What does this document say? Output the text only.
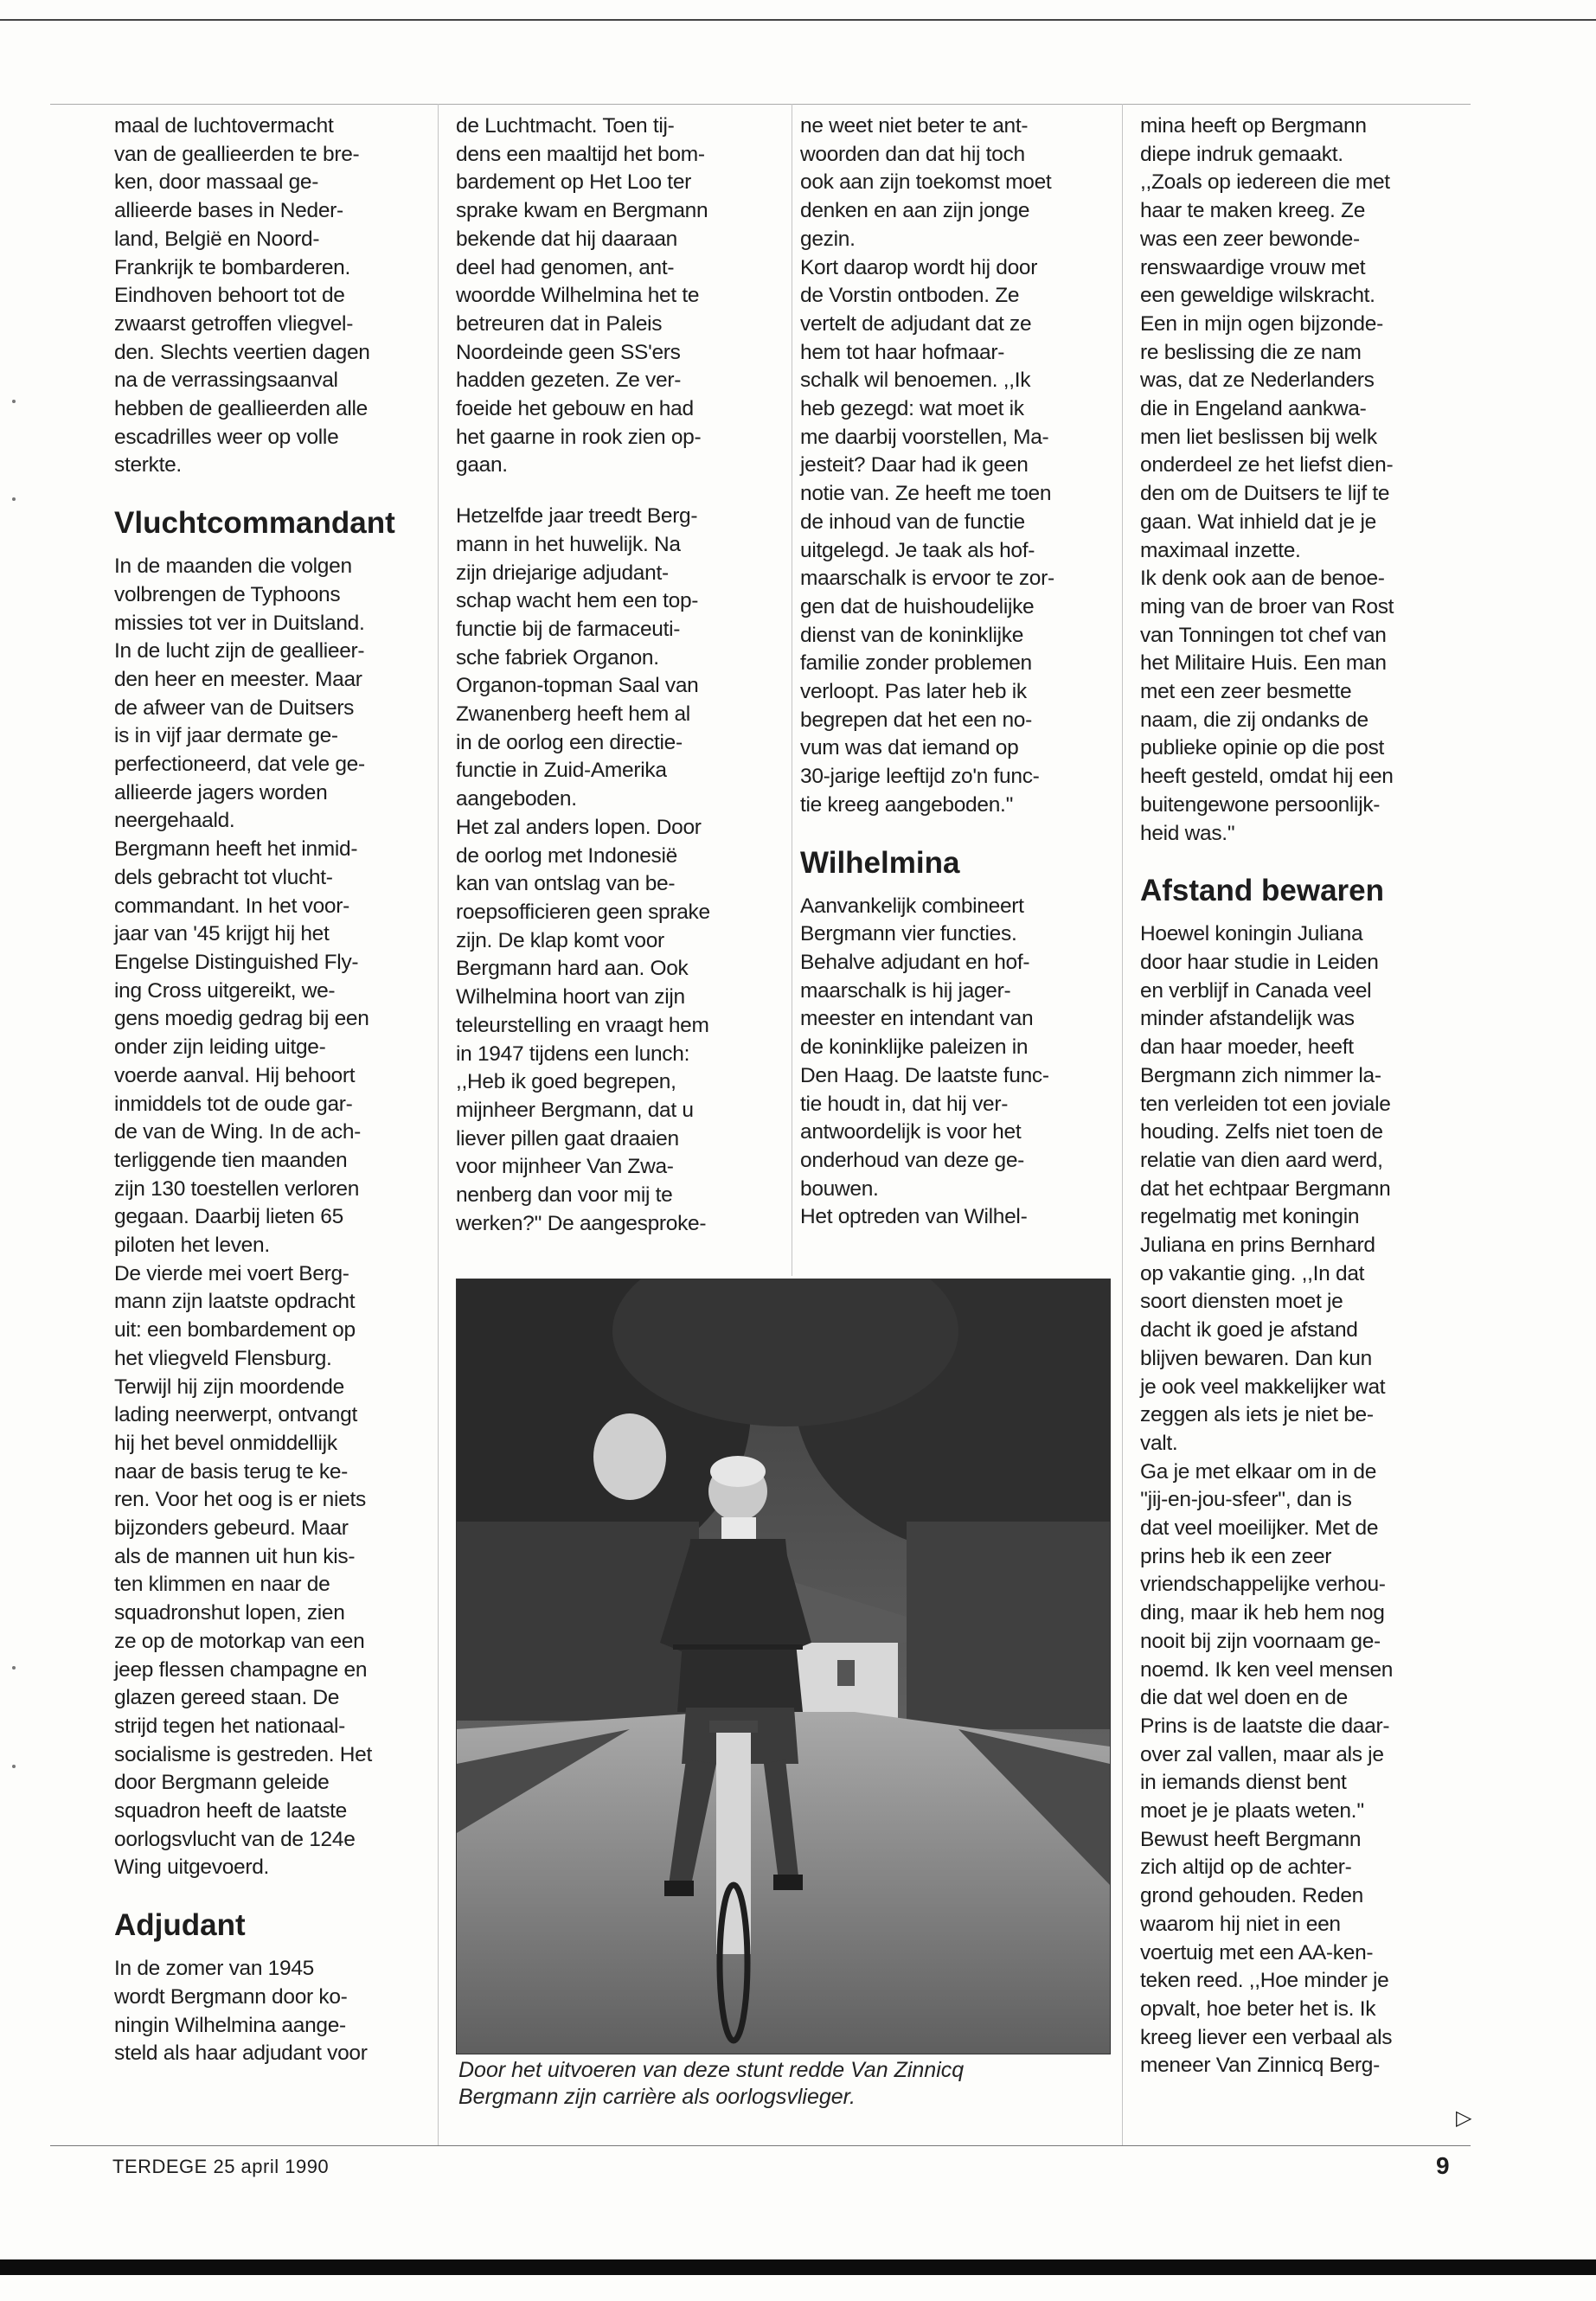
maal de luchtovermacht
van de geallieerden te bre-
ken, door massaal ge-
allieerde bases in Neder-
land, België en Noord-
Frankrijk te bombarderen.
Eindhoven behoort tot de
zwaarst getroffen vliegvel-
den. Slechts veertien dagen
na de verrassingsaanval
hebben de geallieerden alle
escadrilles weer op volle
sterkte.

Vluchtcommandant

In de maanden die volgen
volbrengen de Typhoons
missies tot ver in Duitsland.
In de lucht zijn de geallieer-
den heer en meester. Maar
de afweer van de Duitsers
is in vijf jaar dermate ge-
perfectioneerd, dat vele ge-
allieerde jagers worden
neergehaald.

Bergmann heeft het inmid-
dels gebracht tot vlucht-
commandant. In het voor-
jaar van '45 krijgt hij het
Engelse Distinguished Fly-
ing Cross uitgereikt, we-
gens moedig gedrag bij een
onder zijn leiding uitge-
voerde aanval. Hij behoort
inmiddels tot de oude gar-
de van de Wing. In de ach-
terliggende tien maanden
zijn 130 toestellen verloren
gegaan. Daarbij lieten 65
piloten het leven.

De vierde mei voert Berg-
mann zijn laatste opdracht
uit: een bombardement op
het vliegveld Flensburg.
Terwijl hij zijn moordende
lading neerwerpt, ontvangt
hij het bevel onmiddellijk
naar de basis terug te ke-
ren. Voor het oog is er niets
bijzonders gebeurd. Maar
als de mannen uit hun kis-
ten klimmen en naar de
squadronshut lopen, zien
ze op de motorkap van een
jeep flessen champagne en
glazen gereed staan. De
strijd tegen het nationaal-
socialisme is gestreden. Het
door Bergmann geleide
squadron heeft de laatste
oorlogsvlucht van de 124e
Wing uitgevoerd.

Adjudant

In de zomer van 1945
wordt Bergmann door ko-
ningin Wilhelmina aange-
steld als haar adjudant voor

de Luchtmacht. Toen tij-
dens een maaltijd het bom-
bardement op Het Loo ter
sprake kwam en Bergmann
bekende dat hij daaraan
deel had genomen, ant-
woordde Wilhelmina het te
betreuren dat in Paleis
Noordeinde geen SS'ers
hadden gezeten. Ze ver-
foeide het gebouw en had
het gaarne in rook zien op-
gaan.

Hetzelfde jaar treedt Berg-
mann in het huwelijk. Na
zijn driejarige adjudant-
schap wacht hem een top-
functie bij de farmaceuti-
sche fabriek Organon.
Organon-topman Saal van
Zwanenberg heeft hem al
in de oorlog een directie-
functie in Zuid-Amerika
aangeboden.

Het zal anders lopen. Door
de oorlog met Indonesië
kan van ontslag van be-
roepsofficieren geen sprake
zijn. De klap komt voor
Bergmann hard aan. Ook
Wilhelmina hoort van zijn
teleurstelling en vraagt hem
in 1947 tijdens een lunch:
,,Heb ik goed begrepen,
mijnheer Bergmann, dat u
liever pillen gaat draaien
voor mijnheer Van Zwa-
nenberg dan voor mij te
werken?'' De aangesproke-

ne weet niet beter te ant-
woorden dan dat hij toch
ook aan zijn toekomst moet
denken en aan zijn jonge
gezin.

Kort daarop wordt hij door
de Vorstin ontboden. Ze
vertelt de adjudant dat ze
hem tot haar hofmaar-
schalk wil benoemen. ,,Ik
heb gezegd: wat moet ik
me daarbij voorstellen, Ma-
jesteit? Daar had ik geen
notie van. Ze heeft me toen
de inhoud van de functie
uitgelegd. Je taak als hof-
maarschalk is ervoor te zor-
gen dat de huishoudelijke
dienst van de koninklijke
familie zonder problemen
verloopt. Pas later heb ik
begrepen dat het een no-
vum was dat iemand op
30-jarige leeftijd zo'n func-
tie kreeg aangeboden.''

Wilhelmina

Aanvankelijk combineert
Bergmann vier functies.
Behalve adjudant en hof-
maarschalk is hij jager-
meester en intendant van
de koninklijke paleizen in
Den Haag. De laatste func-
tie houdt in, dat hij ver-
antwoordelijk is voor het
onderhoud van deze ge-
bouwen.

Het optreden van Wilhel-

mina heeft op Bergmann
diepe indruk gemaakt.
,,Zoals op iedereen die met
haar te maken kreeg. Ze
was een zeer bewonde-
renswaardige vrouw met
een geweldige wilskracht.
Een in mijn ogen bijzonde-
re beslissing die ze nam
was, dat ze Nederlanders
die in Engeland aankwa-
men liet beslissen bij welk
onderdeel ze het liefst dien-
den om de Duitsers te lijf te
gaan. Wat inhield dat je je
maximaal inzette.

Ik denk ook aan de benoe-
ming van de broer van Rost
van Tonningen tot chef van
het Militaire Huis. Een man
met een zeer besmette
naam, die zij ondanks de
publieke opinie op die post
heeft gesteld, omdat hij een
buitengewone persoonlijk-
heid was.''

Afstand bewaren

Hoewel koningin Juliana
door haar studie in Leiden
en verblijf in Canada veel
minder afstandelijk was
dan haar moeder, heeft
Bergmann zich nimmer la-
ten verleiden tot een joviale
houding. Zelfs niet toen de
relatie van dien aard werd,
dat het echtpaar Bergmann
regelmatig met koningin
Juliana en prins Bernhard
op vakantie ging. ,,In dat
soort diensten moet je
dacht ik goed je afstand
blijven bewaren. Dan kun
je ook veel makkelijker wat
zeggen als iets je niet be-
valt.

Ga je met elkaar om in de
''jij-en-jou-sfeer'', dan is
dat veel moeilijker. Met de
prins heb ik een zeer
vriendschappelijke verhou-
ding, maar ik heb hem nog
nooit bij zijn voornaam ge-
noemd. Ik ken veel mensen
die dat wel doen en de
Prins is de laatste die daar-
over zal vallen, maar als je
in iemands dienst bent
moet je je plaats weten.''

Bewust heeft Bergmann
zich altijd op de achter-
grond gehouden. Reden
waarom hij niet in een
voertuig met een AA-ken-
teken reed. ,,Hoe minder je
opvalt, hoe beter het is. Ik
kreeg liever een verbaal als
meneer Van Zinnicq Berg-

Door het uitvoeren van deze stunt redde Van Zinnicq
Bergmann zijn carrière als oorlogsvlieger.
▷
TERDEGE 25 april 1990	9
